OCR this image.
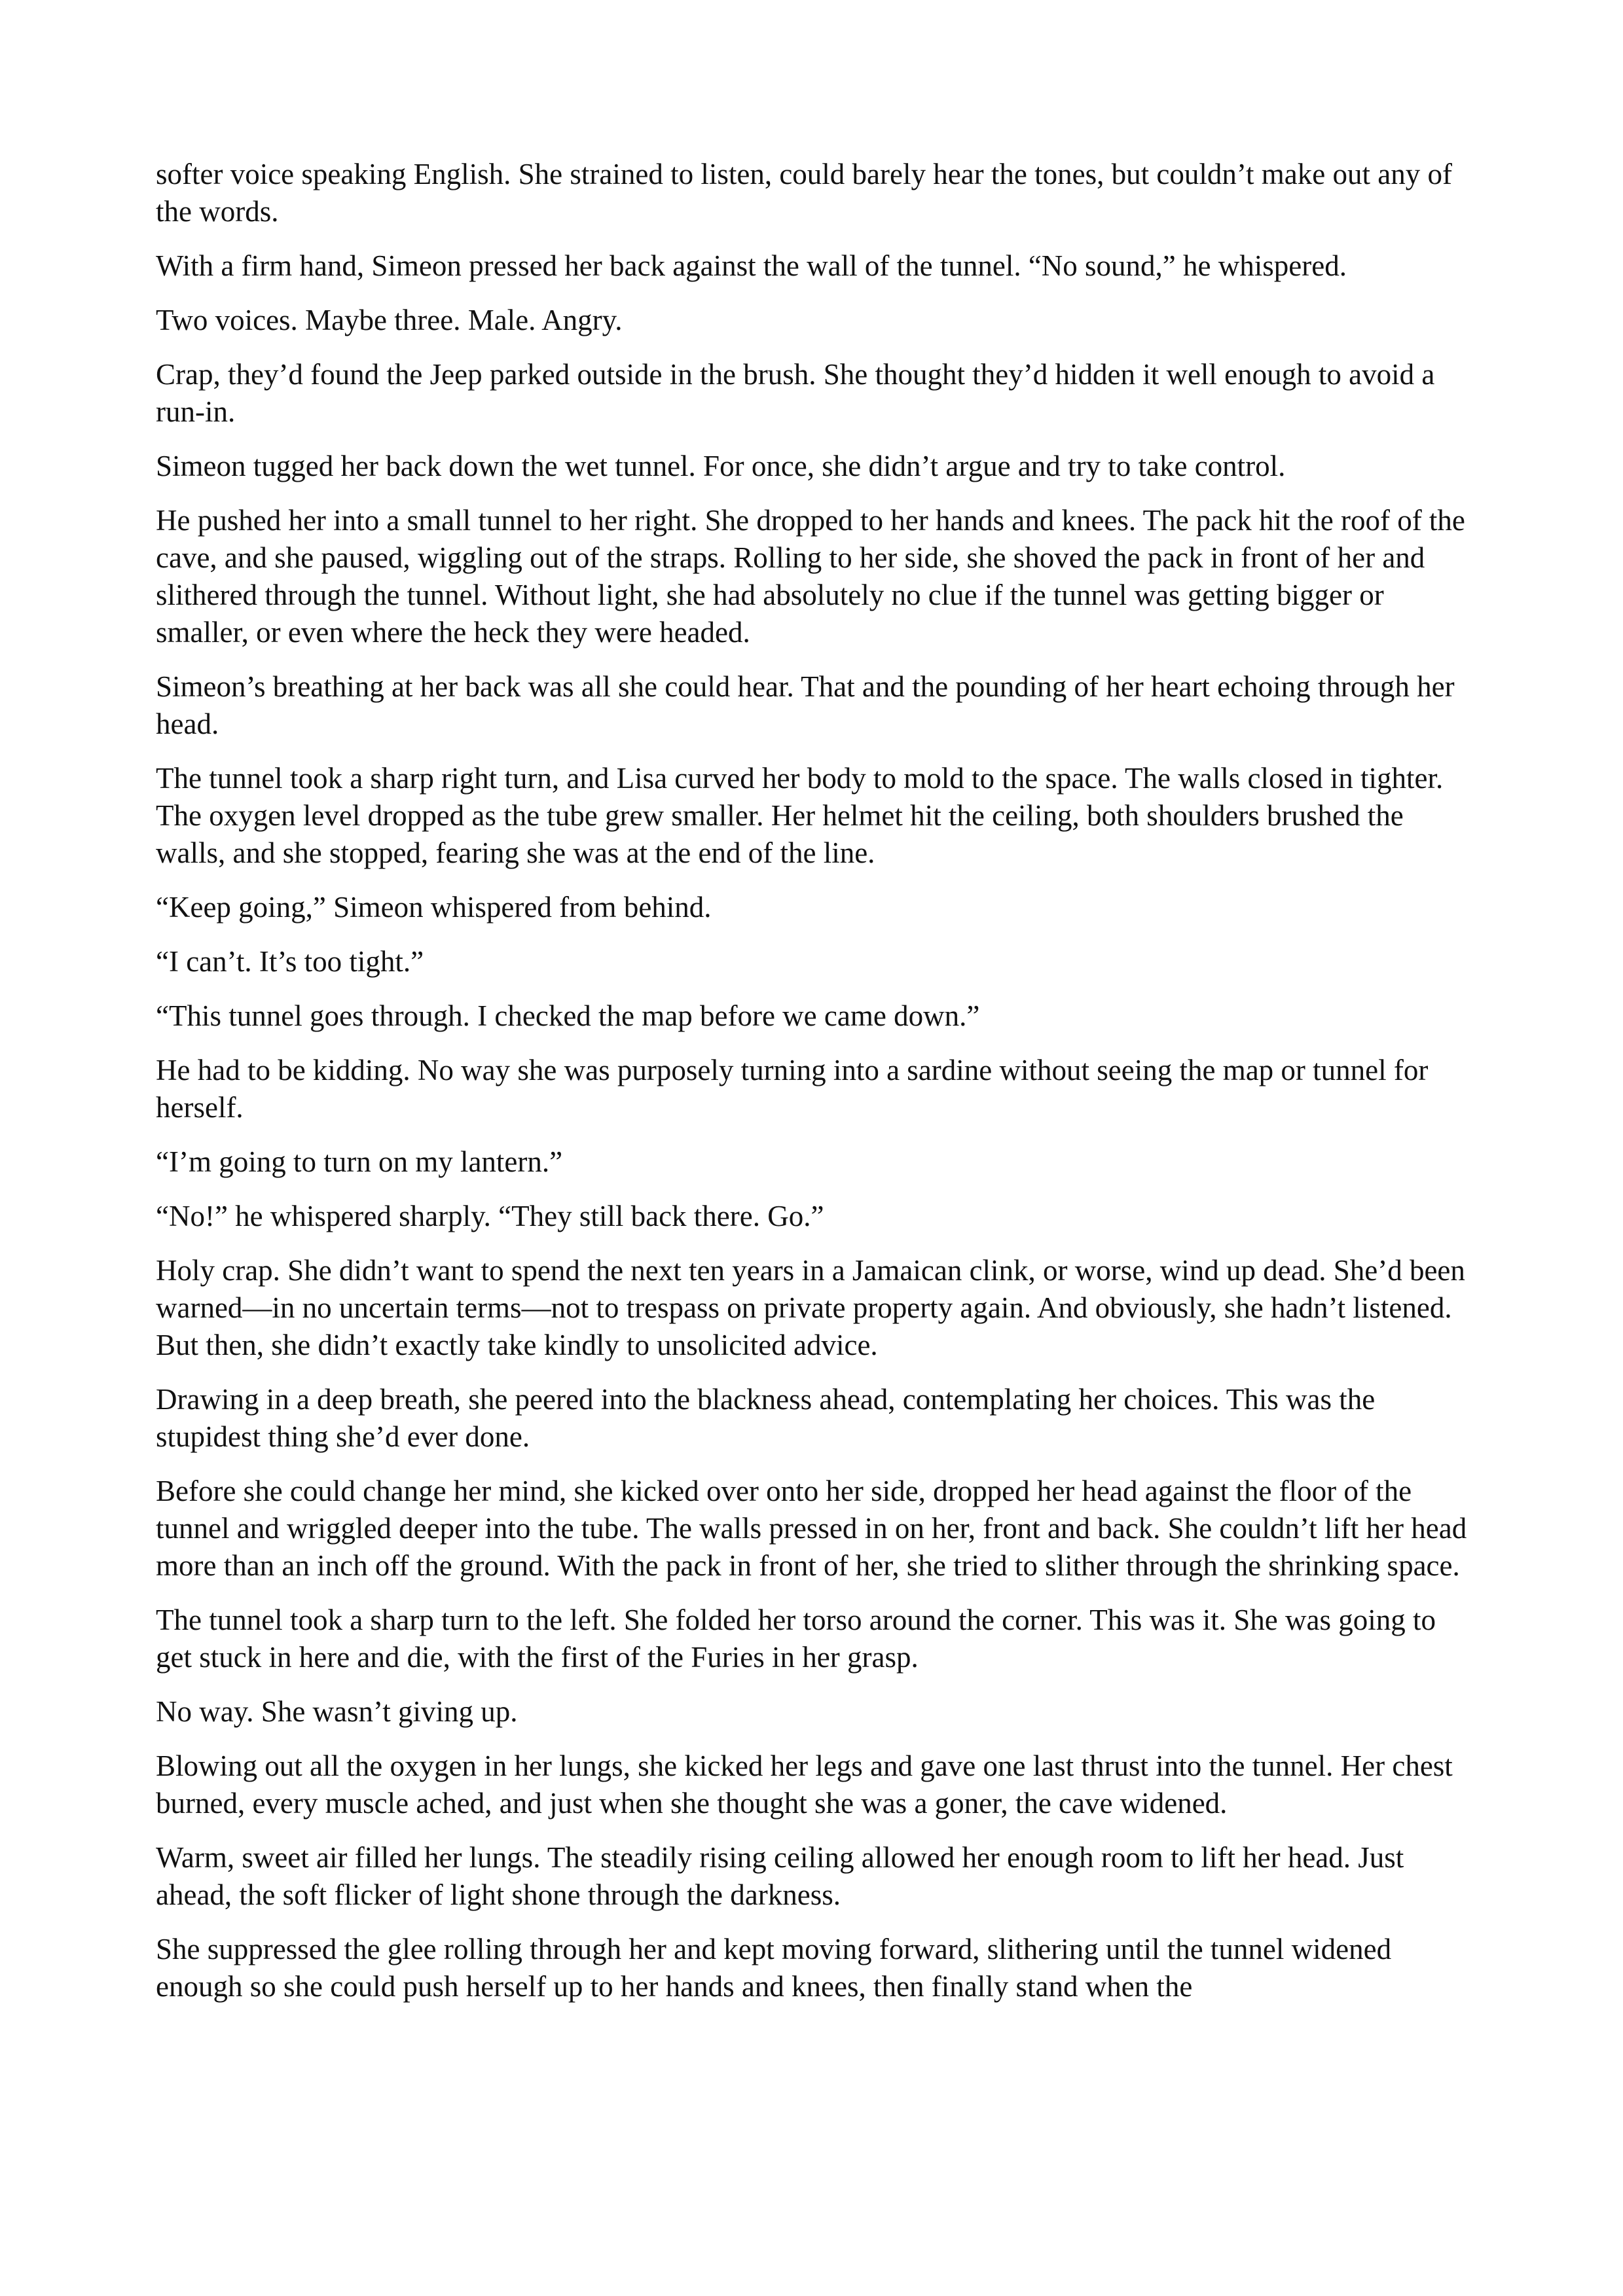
softer voice speaking English. She strained to listen, could barely hear the tones, but couldn’t make out any of the words.

With a firm hand, Simeon pressed her back against the wall of the tunnel. “No sound,” he whispered.

Two voices. Maybe three. Male. Angry.

Crap, they’d found the Jeep parked outside in the brush. She thought they’d hidden it well enough to avoid a run-in.

Simeon tugged her back down the wet tunnel. For once, she didn’t argue and try to take control.

He pushed her into a small tunnel to her right. She dropped to her hands and knees. The pack hit the roof of the cave, and she paused, wiggling out of the straps. Rolling to her side, she shoved the pack in front of her and slithered through the tunnel. Without light, she had absolutely no clue if the tunnel was getting bigger or smaller, or even where the heck they were headed.

Simeon’s breathing at her back was all she could hear. That and the pounding of her heart echoing through her head.

The tunnel took a sharp right turn, and Lisa curved her body to mold to the space. The walls closed in tighter. The oxygen level dropped as the tube grew smaller. Her helmet hit the ceiling, both shoulders brushed the walls, and she stopped, fearing she was at the end of the line.

“Keep going,” Simeon whispered from behind.

“I can’t. It’s too tight.”

“This tunnel goes through. I checked the map before we came down.”

He had to be kidding. No way she was purposely turning into a sardine without seeing the map or tunnel for herself.

“I’m going to turn on my lantern.”

“No!” he whispered sharply. “They still back there. Go.”

Holy crap. She didn’t want to spend the next ten years in a Jamaican clink, or worse, wind up dead. She’d been warned—in no uncertain terms—not to trespass on private property again. And obviously, she hadn’t listened. But then, she didn’t exactly take kindly to unsolicited advice.

Drawing in a deep breath, she peered into the blackness ahead, contemplating her choices. This was the stupidest thing she’d ever done.

Before she could change her mind, she kicked over onto her side, dropped her head against the floor of the tunnel and wriggled deeper into the tube. The walls pressed in on her, front and back. She couldn’t lift her head more than an inch off the ground. With the pack in front of her, she tried to slither through the shrinking space.

The tunnel took a sharp turn to the left. She folded her torso around the corner. This was it. She was going to get stuck in here and die, with the first of the Furies in her grasp.

No way. She wasn’t giving up.

Blowing out all the oxygen in her lungs, she kicked her legs and gave one last thrust into the tunnel. Her chest burned, every muscle ached, and just when she thought she was a goner, the cave widened.

Warm, sweet air filled her lungs. The steadily rising ceiling allowed her enough room to lift her head. Just ahead, the soft flicker of light shone through the darkness.

She suppressed the glee rolling through her and kept moving forward, slithering until the tunnel widened enough so she could push herself up to her hands and knees, then finally stand when the
